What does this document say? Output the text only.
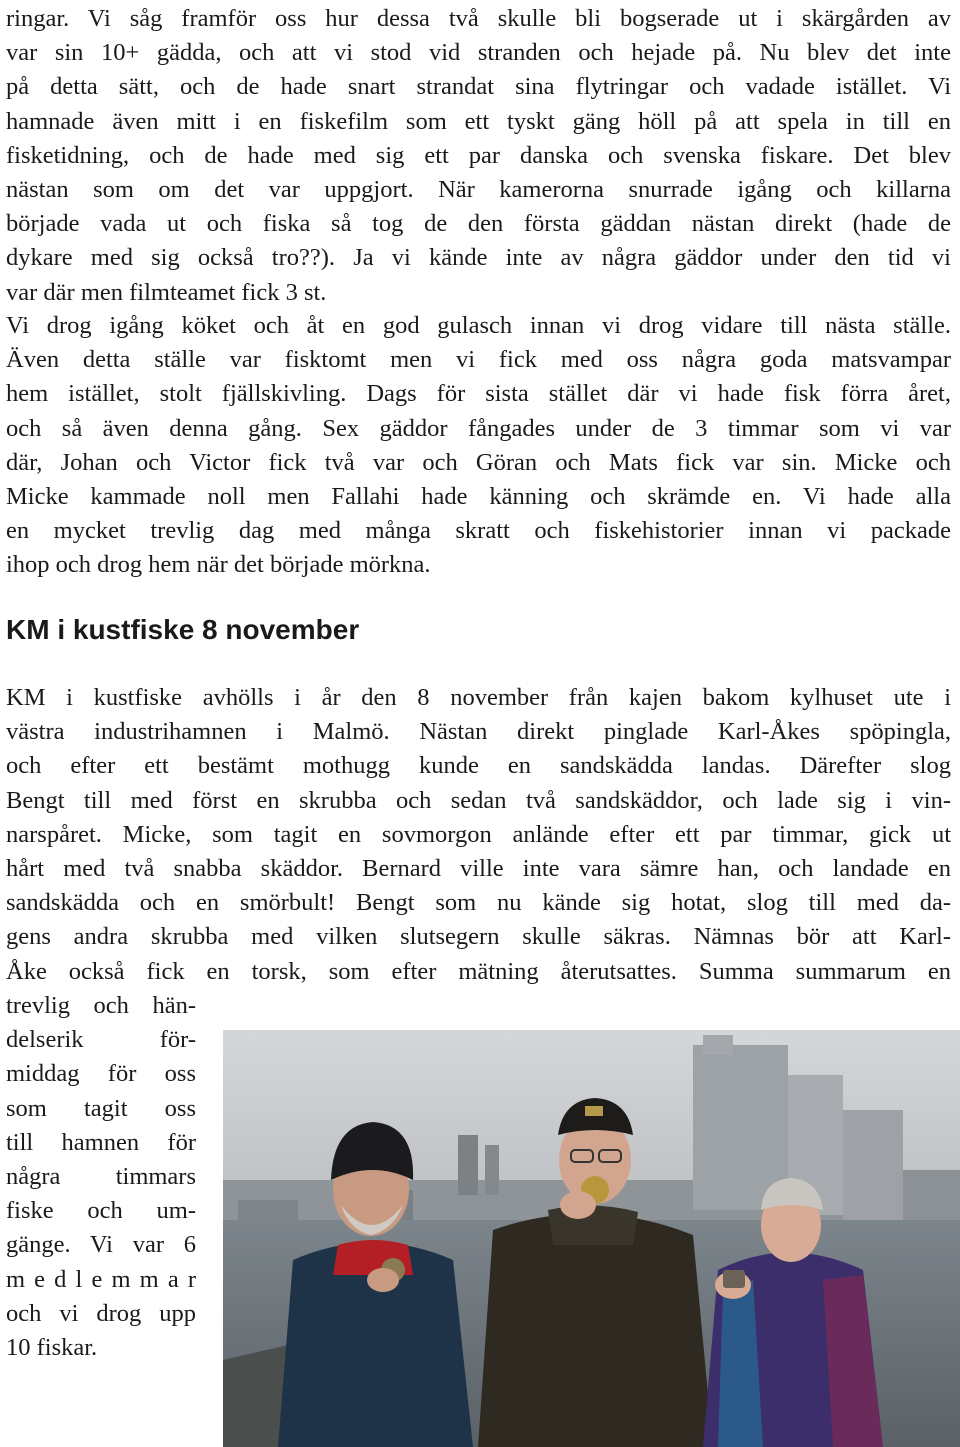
ringar. Vi såg framför oss hur dessa två skulle bli bogserade ut i skärgården av
var sin 10+ gädda, och att vi stod vid stranden och hejade på. Nu blev det inte
på detta sätt, och de hade snart strandat sina flytringar och vadade istället. Vi
hamnade även mitt i en fiskefilm som ett tyskt gäng höll på att spela in till en
fisketidning, och de hade med sig ett par danska och svenska fiskare. Det blev
nästan som om det var uppgjort. När kamerorna snurrade igång och killarna
började vada ut och fiska så tog de den första gäddan nästan direkt (hade de
dykare med sig också tro??). Ja vi kände inte av några gäddor under den tid vi
var där men filmteamet fick 3 st.
Vi drog igång köket och åt en god gulasch innan vi drog vidare till nästa ställe.
Även detta ställe var fisktomt men vi fick med oss några goda matsvampar
hem istället, stolt fjällskivling. Dags för sista stället där vi hade fisk förra året,
och så även denna gång. Sex gäddor fångades under de 3 timmar som vi var
där, Johan och Victor fick två var och Göran och Mats fick var sin. Micke och
Micke kammade noll men Fallahi hade känning och skrämde en. Vi hade alla
en mycket trevlig dag med många skratt och fiskehistorier innan vi packade
ihop och drog hem när det började mörkna.
KM i kustfiske 8 november
KM i kustfiske avhölls i år den 8 november från kajen bakom kylhuset ute i
västra industrihamnen i Malmö. Nästan direkt pinglade Karl-Åkes spöpingla,
och efter ett bestämt mothugg kunde en sandskädda landas. Därefter slog
Bengt till med först en skrubba och sedan två sandskäddor, och lade sig i vin-
narspåret. Micke, som tagit en sovmorgon anlände efter ett par timmar, gick ut
hårt med två snabba skäddor. Bernard ville inte vara sämre han, och landade en
sandskädda och en smörbult! Bengt som nu kände sig hotat, slog till med da-
gens andra skrubba med vilken slutsegern skulle säkras. Nämnas bör att Karl-
Åke också fick en torsk, som efter mätning återutsattes. Summa summarum en
trevlig och hän-
delserik för-
middag för oss
som tagit oss
till hamnen för
några timmars
fiske och um-
gänge. Vi var 6
m e d l e m m a r
och vi drog upp
10 fiskar.
